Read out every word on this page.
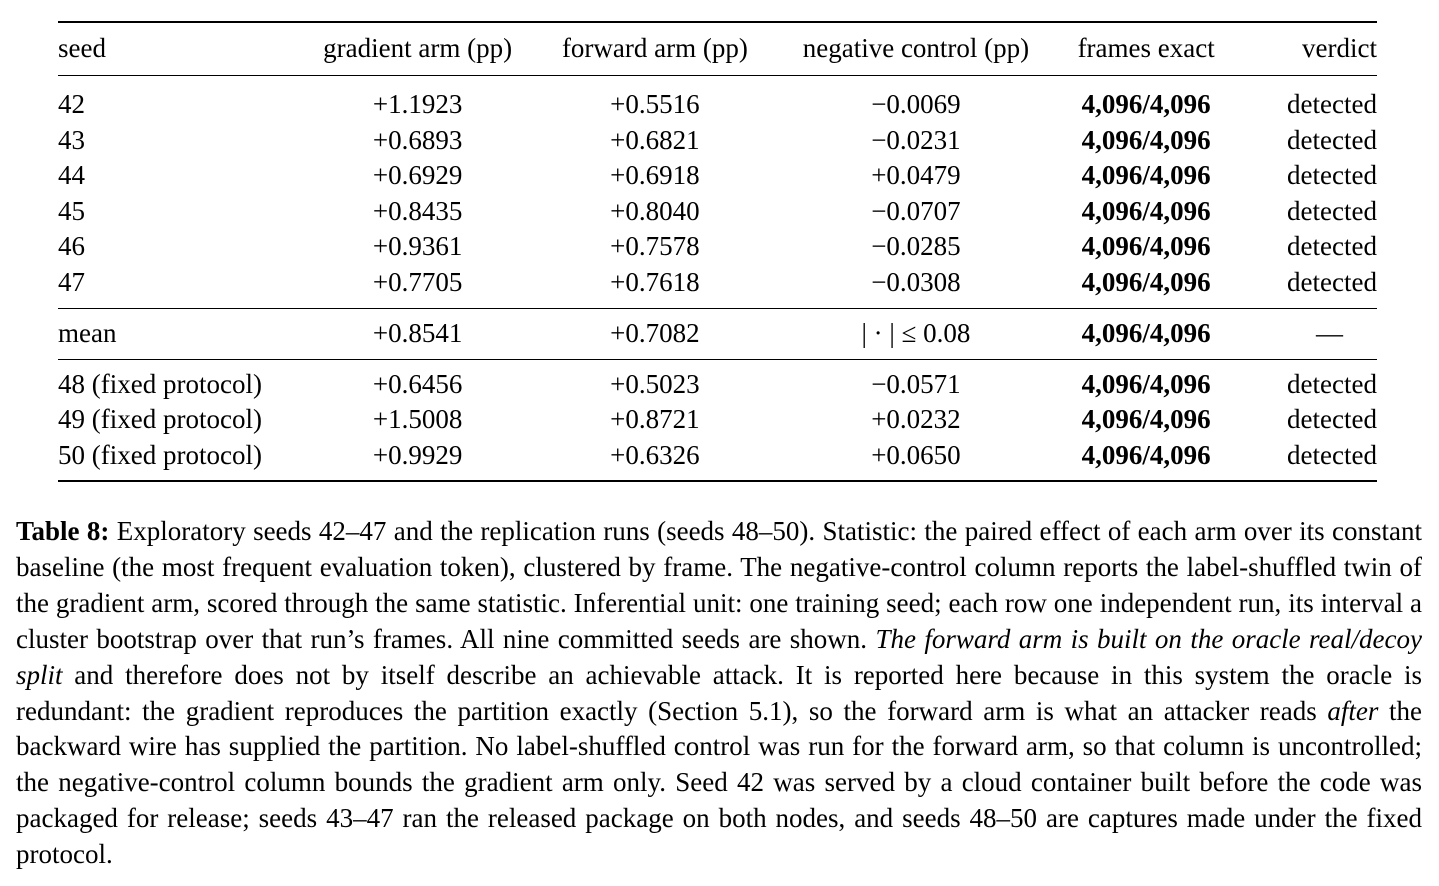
seed	gradient arm (pp)	forward arm (pp)	negative control (pp)	frames exact	verdict
42	+1.1923	+0.5516	−0.0069	4,096/4,096	detected
43	+0.6893	+0.6821	−0.0231	4,096/4,096	detected
44	+0.6929	+0.6918	+0.0479	4,096/4,096	detected
45	+0.8435	+0.8040	−0.0707	4,096/4,096	detected
46	+0.9361	+0.7578	−0.0285	4,096/4,096	detected
47	+0.7705	+0.7618	−0.0308	4,096/4,096	detected
mean	+0.8541	+0.7082	| · | ≤ 0.08	4,096/4,096	—
48 (fixed protocol)	+0.6456	+0.5023	−0.0571	4,096/4,096	detected
49 (fixed protocol)	+1.5008	+0.8721	+0.0232	4,096/4,096	detected
50 (fixed protocol)	+0.9929	+0.6326	+0.0650	4,096/4,096	detected
Table 8: Exploratory seeds 42–47 and the replication runs (seeds 48–50). Statistic: the paired effect of each arm over its constant baseline (the most frequent evaluation token), clustered by frame. The negative-control column reports the label-shuffled twin of the gradient arm, scored through the same statistic. Inferential unit: one training seed; each row one independent run, its interval a cluster bootstrap over that run’s frames. All nine committed seeds are shown. The forward arm is built on the oracle real/decoy split and therefore does not by itself describe an achievable attack. It is reported here because in this system the oracle is redundant: the gradient reproduces the partition exactly (Section 5.1), so the forward arm is what an attacker reads after the backward wire has supplied the partition. No label-shuffled control was run for the forward arm, so that column is uncontrolled; the negative-control column bounds the gradient arm only. Seed 42 was served by a cloud container built before the code was packaged for release; seeds 43–47 ran the released package on both nodes, and seeds 48–50 are captures made under the fixed protocol.
